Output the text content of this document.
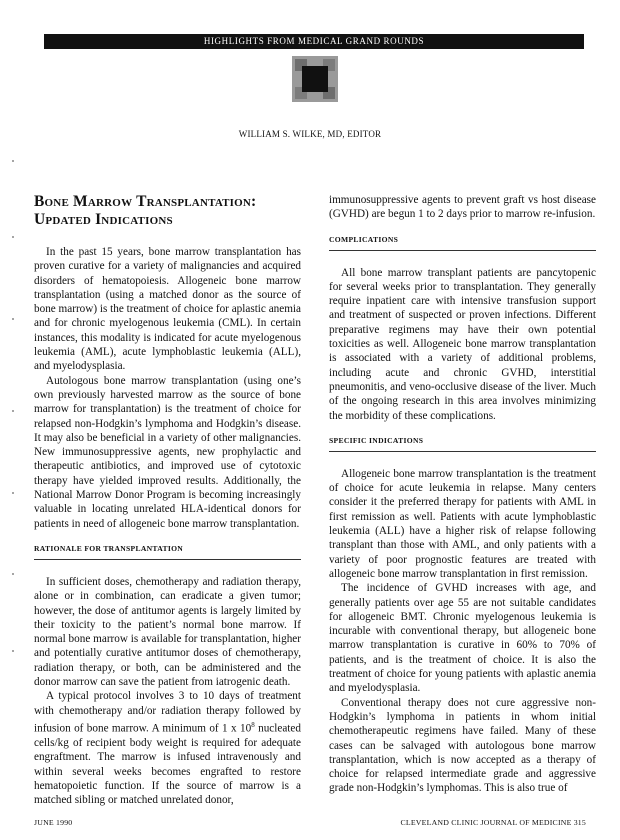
HIGHLIGHTS FROM MEDICAL GRAND ROUNDS
WILLIAM S. WILKE, MD, EDITOR
Bone Marrow Transplantation:
Updated Indications

In the past 15 years, bone marrow transplantation has proven curative for a variety of malignancies and acquired disorders of hematopoiesis. Allogeneic bone marrow transplantation (using a matched donor as the source of bone marrow) is the treatment of choice for aplastic anemia and for chronic myelogenous leukemia (CML). In certain instances, this modality is indicated for acute myelogenous leukemia (AML), acute lymphoblastic leukemia (ALL), and myelodysplasia.

Autologous bone marrow transplantation (using one’s own previously harvested marrow as the source of bone marrow for transplantation) is the treatment of choice for relapsed non-Hodgkin’s lymphoma and Hodgkin’s disease. It may also be beneficial in a variety of other malignancies. New immunosuppressive agents, new prophylactic and therapeutic antibiotics, and improved use of cytotoxic therapy have yielded improved results. Additionally, the National Marrow Donor Program is becoming increasingly valuable in locating unrelated HLA-identical donors for patients in need of allogeneic bone marrow transplantation.

RATIONALE FOR TRANSPLANTATION

In sufficient doses, chemotherapy and radiation therapy, alone or in combination, can eradicate a given tumor; however, the dose of antitumor agents is largely limited by their toxicity to the patient’s normal bone marrow. If normal bone marrow is available for transplantation, higher and potentially curative antitumor doses of chemotherapy, radiation therapy, or both, can be administered and the donor marrow can save the patient from iatrogenic death.

A typical protocol involves 3 to 10 days of treatment with chemotherapy and/or radiation therapy followed by infusion of bone marrow. A minimum of 1 x $10^8$ nucleated cells/kg of recipient body weight is required for adequate engraftment. The marrow is infused intravenously and within several weeks becomes engrafted to restore hematopoietic function. If the source of marrow is a matched sibling or matched unrelated donor,

immunosuppressive agents to prevent graft vs host disease (GVHD) are begun 1 to 2 days prior to marrow re-infusion.

COMPLICATIONS

All bone marrow transplant patients are pancytopenic for several weeks prior to transplantation. They generally require inpatient care with intensive transfusion support and treatment of suspected or proven infections. Different preparative regimens may have their own potential toxicities as well. Allogeneic bone marrow transplantation is associated with a variety of additional problems, including acute and chronic GVHD, interstitial pneumonitis, and veno-occlusive disease of the liver. Much of the ongoing research in this area involves minimizing the morbidity of these complications.

SPECIFIC INDICATIONS

Allogeneic bone marrow transplantation is the treatment of choice for acute leukemia in relapse. Many centers consider it the preferred therapy for patients with AML in first remission as well. Patients with acute lymphoblastic leukemia (ALL) have a higher risk of relapse following transplant than those with AML, and only patients with a variety of poor prognostic features are treated with allogeneic bone marrow transplantation in first remission.

The incidence of GVHD increases with age, and generally patients over age 55 are not suitable candidates for allogeneic BMT. Chronic myelogenous leukemia is incurable with conventional therapy, but allogeneic bone marrow transplantation is curative in 60% to 70% of patients, and is the treatment of choice. It is also the treatment of choice for young patients with aplastic anemia and myelodysplasia.

Conventional therapy does not cure aggressive non-Hodgkin’s lymphoma in patients in whom initial chemotherapeutic regimens have failed. Many of these cases can be salvaged with autologous bone marrow transplantation, which is now accepted as a therapy of choice for relapsed intermediate grade and aggressive grade non-Hodgkin’s lymphomas. This is also true of

JUNE 1990	CLEVELAND CLINIC JOURNAL OF MEDICINE 315
